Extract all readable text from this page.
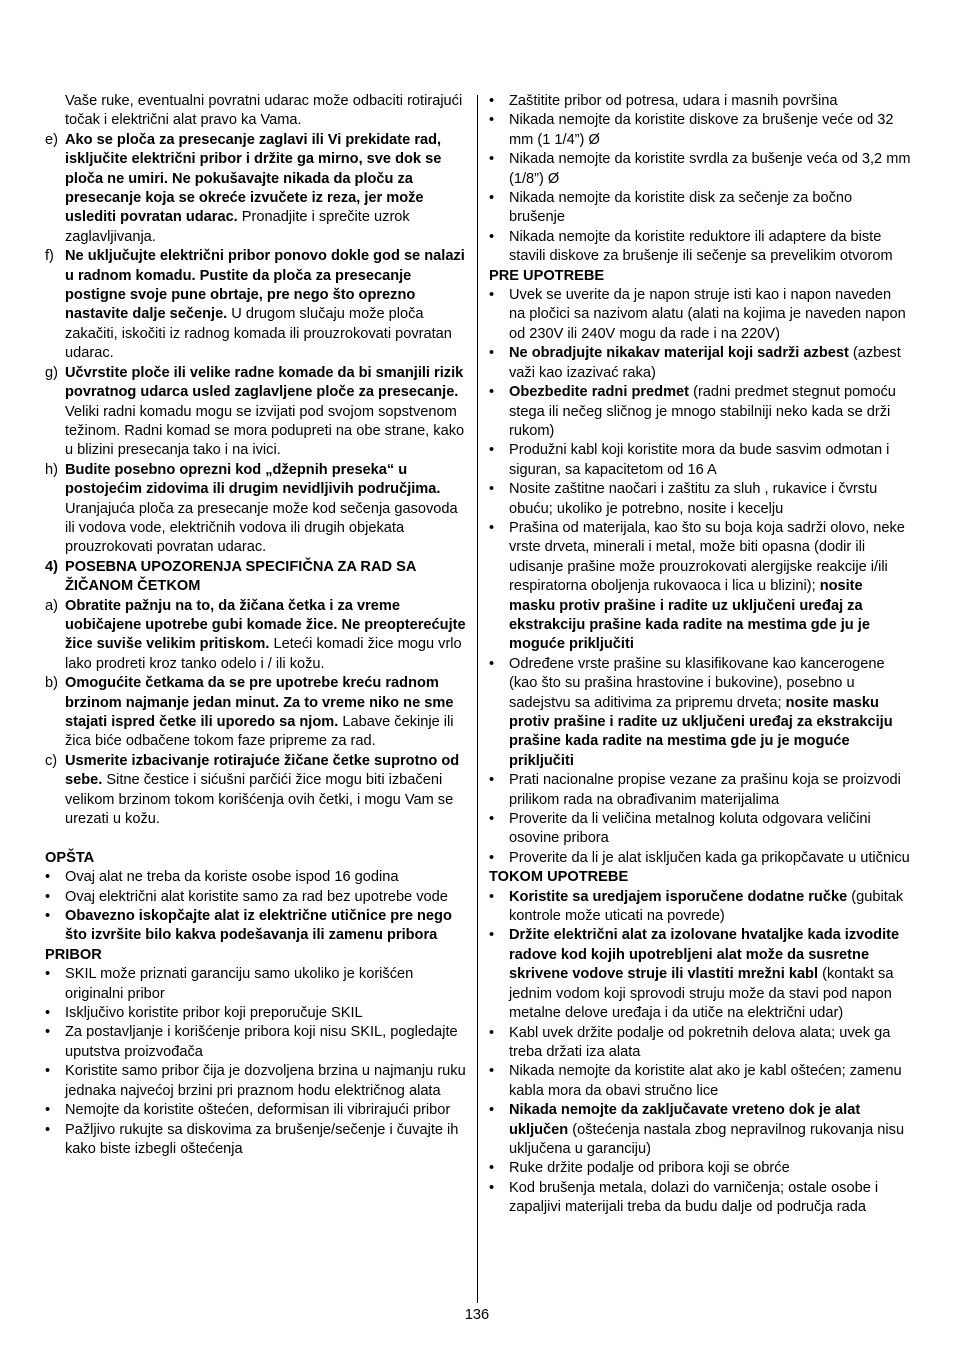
Vaše ruke, eventualni povratni udarac može odbaciti rotirajući točak i električni alat pravo ka Vama.
e) Ako se ploča za presecanje zaglavi ili Vi prekidate rad, isključite električni pribor i držite ga mirno, sve dok se ploča ne umiri. Ne pokušavajte nikada da ploču za presecanje koja se okreće izvučete iz reza, jer može uslediti povratan udarac. Pronadjite i sprečite uzrok zaglavljivanja.
f) Ne uključujte električni pribor ponovo dokle god se nalazi u radnom komadu. Pustite da ploča za presecanje postigne svoje pune obrtaje, pre nego što oprezno nastavite dalje sečenje. U drugom slučaju može ploča zakačiti, iskočiti iz radnog komada ili prouzrokovati povratan udarac.
g) Učvrstite ploče ili velike radne komade da bi smanjili rizik povratnog udarca usled zaglavljene ploče za presecanje. Veliki radni komadu mogu se izvijati pod svojom sopstvenom težinom. Radni komad se mora poduprеti na obe strane, kako u blizini presecanja tako i na ivici.
h) Budite posebno oprezni kod „džepnih preseka“ u postojećim zidovima ili drugim nevidljivih područjima. Uranjajuća ploča za presecanje može kod sečenja gasovoda ili vodova vode, električnih vodova ili drugih objekata prouzrokovati povratan udarac.
4) POSEBNA UPOZORENJA SPECIFIČNA ZA RAD SA ŽIČANOM ČETKOM
a) Obratite pažnju na to, da žičana četka i za vreme uobičajene upotrebe gubi komade žice. Ne preopterećujte žice suviše velikim pritiskom. Leteći komadi žice mogu vrlo lako prodreti kroz tanko odelo i / ili kožu.
b) Omogućite četkama da se pre upotrebe kreću radnom brzinom najmanje jedan minut. Za to vreme niko ne sme stajati ispred četke ili uporedo sa njom. Labave čekinje ili žica biće odbačene tokom faze pripreme za rad.
c) Usmerite izbacivanje rotirajuće žičane četke suprotno od sebe. Sitne čestice i sićušni parčići žice mogu biti izbačeni velikom brzinom tokom korišćenja ovih četki, i mogu Vam se urezati u kožu.
OPŠTA
•	Ovaj alat ne treba da koriste osobe ispod 16 godina
•	Ovaj električni alat koristite samo za rad bez upotrebe vode
•	Obavezno iskopčajte alat iz električne utičnice pre nego što izvršite bilo kakva podešavanja ili zamenu pribora
PRIBOR
•	SKIL može priznati garanciju samo ukoliko je korišćen originalni pribor
•	Isključivo koristite pribor koji preporučuje SKIL
•	Za postavljanje i korišćenje pribora koji nisu SKIL, pogledajte uputstva proizvođača
•	Koristite samo pribor čija je dozvoljena brzina u najmanju ruku jednaka najvećoj brzini pri praznom hodu električnog alata
•	Nemojte da koristite oštećen, deformisan ili vibrirajući pribor
•	Pažljivo rukujte sa diskovima za brušenje/sečenje i čuvajte ih kako biste izbegli oštećenja
•	Zaštitite pribor od potresa, udara i masnih površina
•	Nikada nemojte da koristite diskove za brušenje veće od 32 mm (1 1/4”) Ø
•	Nikada nemojte da koristite svrdla za bušenje veća od 3,2 mm (1/8”) Ø
•	Nikada nemojte da koristite disk za sečenje za bočno brušenje
•	Nikada nemojte da koristite reduktore ili adaptere da biste stavili diskove za brušenje ili sečenje sa prevelikim otvorom
PRE UPOTREBE
•	Uvek se uverite da je napon struje isti kao i napon naveden na pločici sa nazivom alatu (alati na kojima je naveden napon od 230V ili 240V mogu da rade i na 220V)
•	Ne obradjujte nikakav materijal koji sadrži azbest (azbest važi kao izazivać raka)
•	Obezbedite radni predmet (radni predmet stegnut pomoću stega ili nečeg sličnog je mnogo stabilniji neko kada se drži rukom)
•	Produžni kabl koji koristite mora da bude sasvim odmotan i siguran, sa kapacitetom od 16 A
•	Nosite zaštitne naočari i zaštitu za sluh , rukavice i čvrstu obuću; ukoliko je potrebno, nosite i kecelju
•	Prašina od materijala, kao što su boja koja sadrži olovo, neke vrste drveta, minerali i metal, može biti opasna (dodir ili udisanje prašine može prouzrokovati alergijske reakcije i/ili respiratorna oboljenja rukovaoca i lica u blizini); nosite masku protiv prašine i radite uz uključeni uređaj za ekstrakciju prašine kada radite na mestima gde ju je moguće priključiti
•	Određene vrste prašine su klasifikovane kao kancerogene (kao što su prašina hrastovine i bukovine), posebno u sadejstvu sa aditivima za pripremu drveta; nosite masku protiv prašine i radite uz uključeni uređaj za ekstrakciju prašine kada radite na mestima gde ju je moguće priključiti
•	Prati nacionalne propise vezane za prašinu koja se proizvodi prilikom rada na obrađivanim materijalima
•	Proverite da li veličina metalnog koluta odgovara veličini osovine pribora
•	Proverite da li je alat isključen kada ga prikopčavate u utičnicu
TOKOM UPOTREBE
•	Koristite sa uredjajem isporučene dodatne ručke (gubitak kontrole može uticati na povrede)
•	Držite električni alat za izolovane hvataljke kada izvodite radove kod kojih upotrebljeni alat može da susretne skrivene vodove struje ili vlastiti mrežni kabl (kontakt sa jednim vodom koji sprovodi struju može da stavi pod napon metalne delove uređaja i da utiče na električni udar)
•	Kabl uvek držite podalje od pokretnih delova alata; uvek ga treba držati iza alata
•	Nikada nemojte da koristite alat ako je kabl oštećen; zamenu kabla mora da obavi stručno lice
•	Nikada nemojte da zaključavate vreteno dok je alat uključen (oštećenja nastala zbog nepravilnog rukovanja nisu uključena u garanciju)
•	Ruke držite podalje od pribora koji se obrće
•	Kod brušenja metala, dolazi do varničenja; ostale osobe i zapaljivi materijali treba da budu dalje od područja rada
136
